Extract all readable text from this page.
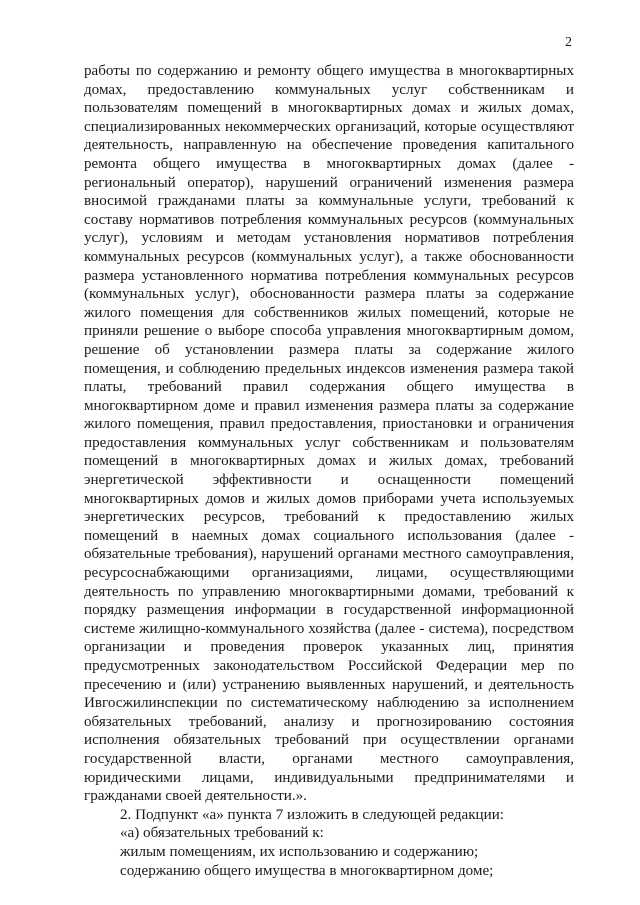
2

работы по содержанию и ремонту общего имущества в многоквартирных домах, предоставлению коммунальных услуг собственникам и пользователям помещений в многоквартирных домах и жилых домах, специализированных некоммерческих организаций, которые осуществляют деятельность, направленную на обеспечение проведения капитального ремонта общего имущества в многоквартирных домах (далее - региональный оператор), нарушений ограничений изменения размера вносимой гражданами платы за коммунальные услуги, требований к составу нормативов потребления коммунальных ресурсов (коммунальных услуг), условиям и методам установления нормативов потребления коммунальных ресурсов (коммунальных услуг), а также обоснованности размера установленного норматива потребления коммунальных ресурсов (коммунальных услуг), обоснованности размера платы за содержание жилого помещения для собственников жилых помещений, которые не приняли решение о выборе способа управления многоквартирным домом, решение об установлении размера платы за содержание жилого помещения, и соблюдению предельных индексов изменения размера такой платы, требований правил содержания общего имущества в многоквартирном доме и правил изменения размера платы за содержание жилого помещения, правил предоставления, приостановки и ограничения предоставления коммунальных услуг собственникам и пользователям помещений в многоквартирных домах и жилых домах, требований энергетической эффективности и оснащенности помещений многоквартирных домов и жилых домов приборами учета используемых энергетических ресурсов, требований к предоставлению жилых помещений в наемных домах социального использования (далее - обязательные требования), нарушений органами местного самоуправления, ресурсоснабжающими организациями, лицами, осуществляющими деятельность по управлению многоквартирными домами, требований к порядку размещения информации в государственной информационной системе жилищно-коммунального хозяйства (далее - система), посредством организации и проведения проверок указанных лиц, принятия предусмотренных законодательством Российской Федерации мер по пресечению и (или) устранению выявленных нарушений, и деятельность Ивгосжилинспекции по систематическому наблюдению за исполнением обязательных требований, анализу и прогнозированию состояния исполнения обязательных требований при осуществлении органами государственной власти, органами местного самоуправления, юридическими лицами, индивидуальными предпринимателями и гражданами своей деятельности.».

2. Подпункт «а» пункта 7 изложить в следующей редакции:

«а) обязательных требований к:

жилым помещениям, их использованию и содержанию;

содержанию общего имущества в многоквартирном доме;
